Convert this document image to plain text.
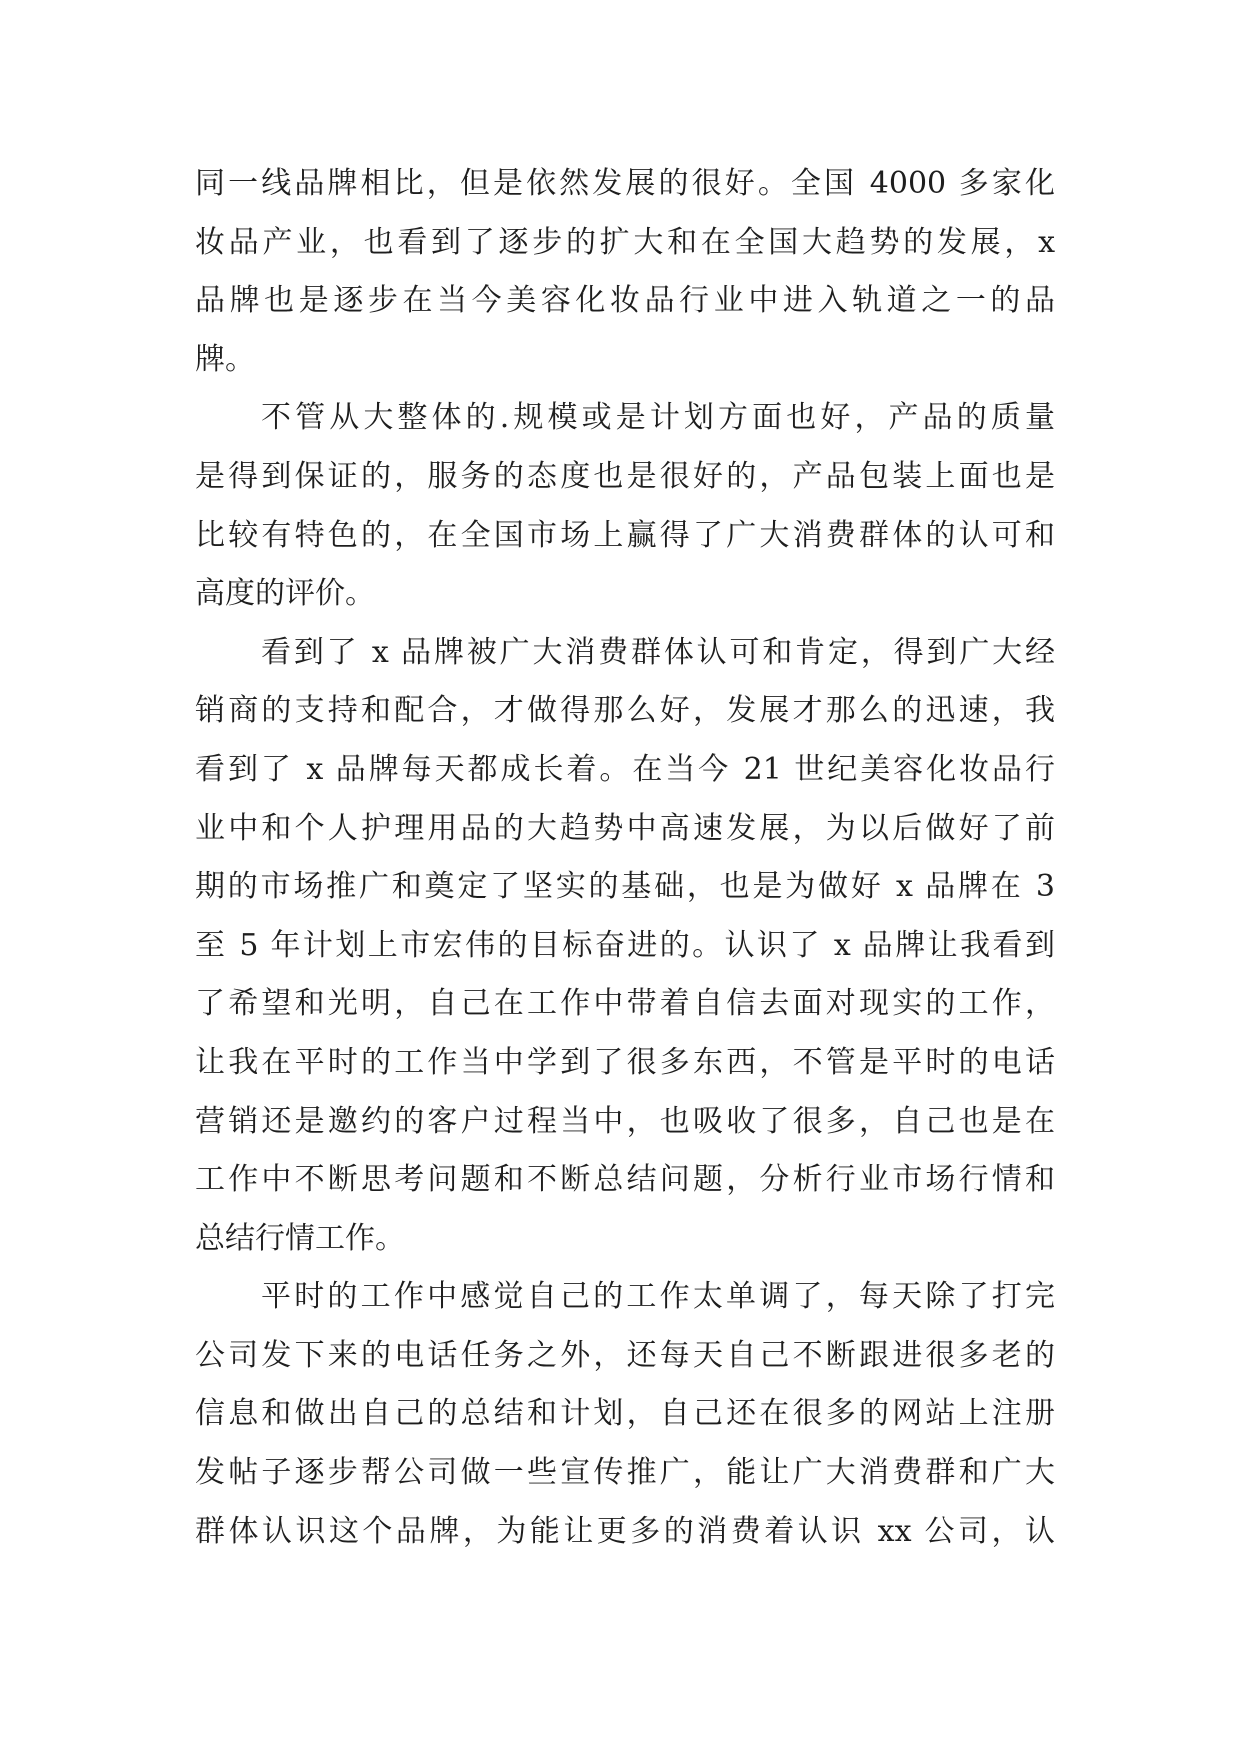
同一线品牌相比，但是依然发展的很好。全国 4000 多家化
妆品产业，也看到了逐步的扩大和在全国大趋势的发展，x
品牌也是逐步在当今美容化妆品行业中进入轨道之一的品
牌。
不管从大整体的.规模或是计划方面也好，产品的质量
是得到保证的，服务的态度也是很好的，产品包装上面也是
比较有特色的，在全国市场上赢得了广大消费群体的认可和
高度的评价。
看到了 x 品牌被广大消费群体认可和肯定，得到广大经
销商的支持和配合，才做得那么好，发展才那么的迅速，我
看到了 x 品牌每天都成长着。在当今 21 世纪美容化妆品行
业中和个人护理用品的大趋势中高速发展，为以后做好了前
期的市场推广和奠定了坚实的基础，也是为做好 x 品牌在 3
至 5 年计划上市宏伟的目标奋进的。认识了 x 品牌让我看到
了希望和光明，自己在工作中带着自信去面对现实的工作，
让我在平时的工作当中学到了很多东西，不管是平时的电话
营销还是邀约的客户过程当中，也吸收了很多，自己也是在
工作中不断思考问题和不断总结问题，分析行业市场行情和
总结行情工作。
平时的工作中感觉自己的工作太单调了，每天除了打完
公司发下来的电话任务之外，还每天自己不断跟进很多老的
信息和做出自己的总结和计划，自己还在很多的网站上注册
发帖子逐步帮公司做一些宣传推广，能让广大消费群和广大
群体认识这个品牌，为能让更多的消费着认识 xx 公司，认
